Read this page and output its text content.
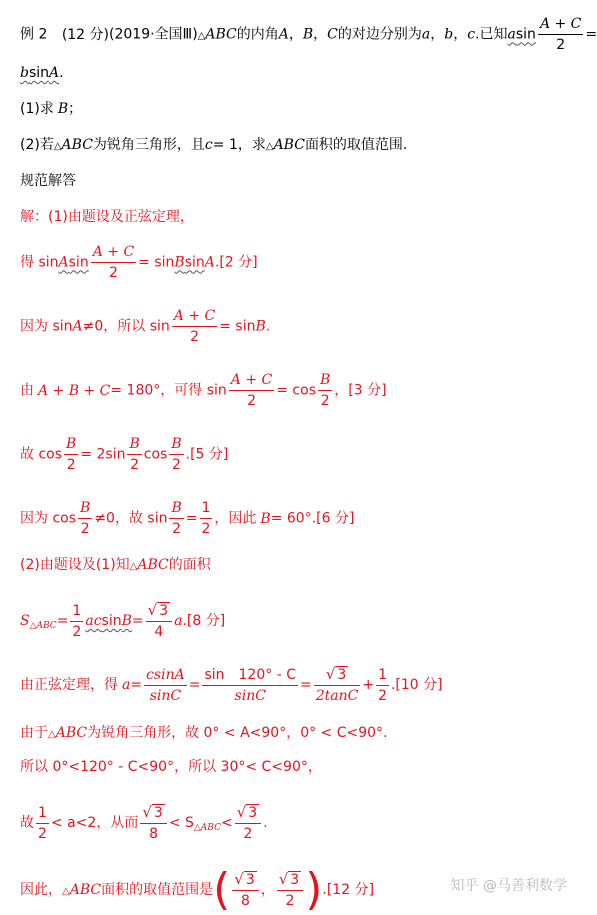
例 2 (12 分)(2019·全国Ⅲ)△ABC的内角A，B，C的对边分别为a，b，c.已知asin $\frac{A + C}{2}$ =
bsinA.
(1)求 B；
(2)若△ABC为锐角三角形，且c= 1，求△ABC面积的取值范围.
规范解答
解：(1)由题设及正弦定理，
得 sinAsin $\frac{A + C}{2}$ = sinBsinA.[2 分]
因为 sinA≠0，所以 $\sin \frac{A + C}{2} = \sin B$.
由 A + B + C= 180°，可得 $\sin \frac{A + C}{2} = \cos \frac{B}{2}$ ，[3 分]
故 $\cos \frac{B}{2} = 2\sin \frac{B}{2}$ $\cos \frac{B}{2} .[5$ 分]
因为 $\cos \frac{B}{2} \ne 0$，故 $\sin \frac{B}{2} = \frac{1}{2}$ ，因此 B= 60°.[6 分]
(2)由题设及(1)知△ABC的面积
$S_{\triangle ABC}= \frac{1}{2} acsinB= \frac{√ 3}{4} a.[8$ 分]
由正弦定理，得 $a= \frac{csinA}{\sin C} = \frac{\sin 120^\circ - C}{\sin C} = \frac{√ 3}{2\tan C} + \frac{1}{2} .[10$ 分]
由于△ABC为锐角三角形，故 0° < A<90°，0° < C<90°.
所以 0°<120° - C<90°，所以 30°< C<90°，
故 $\frac{1}{2} < a<2$，从而 $\frac{√ 3}{8} < S_{\triangle ABC}< \frac{√ 3}{2}$ .
因此，△ABC面积的取值范围是( $\frac{√ 3}{8}$ ， $\frac{√ 3}{2} ).[12$ 分]	知乎 @马善利数学
